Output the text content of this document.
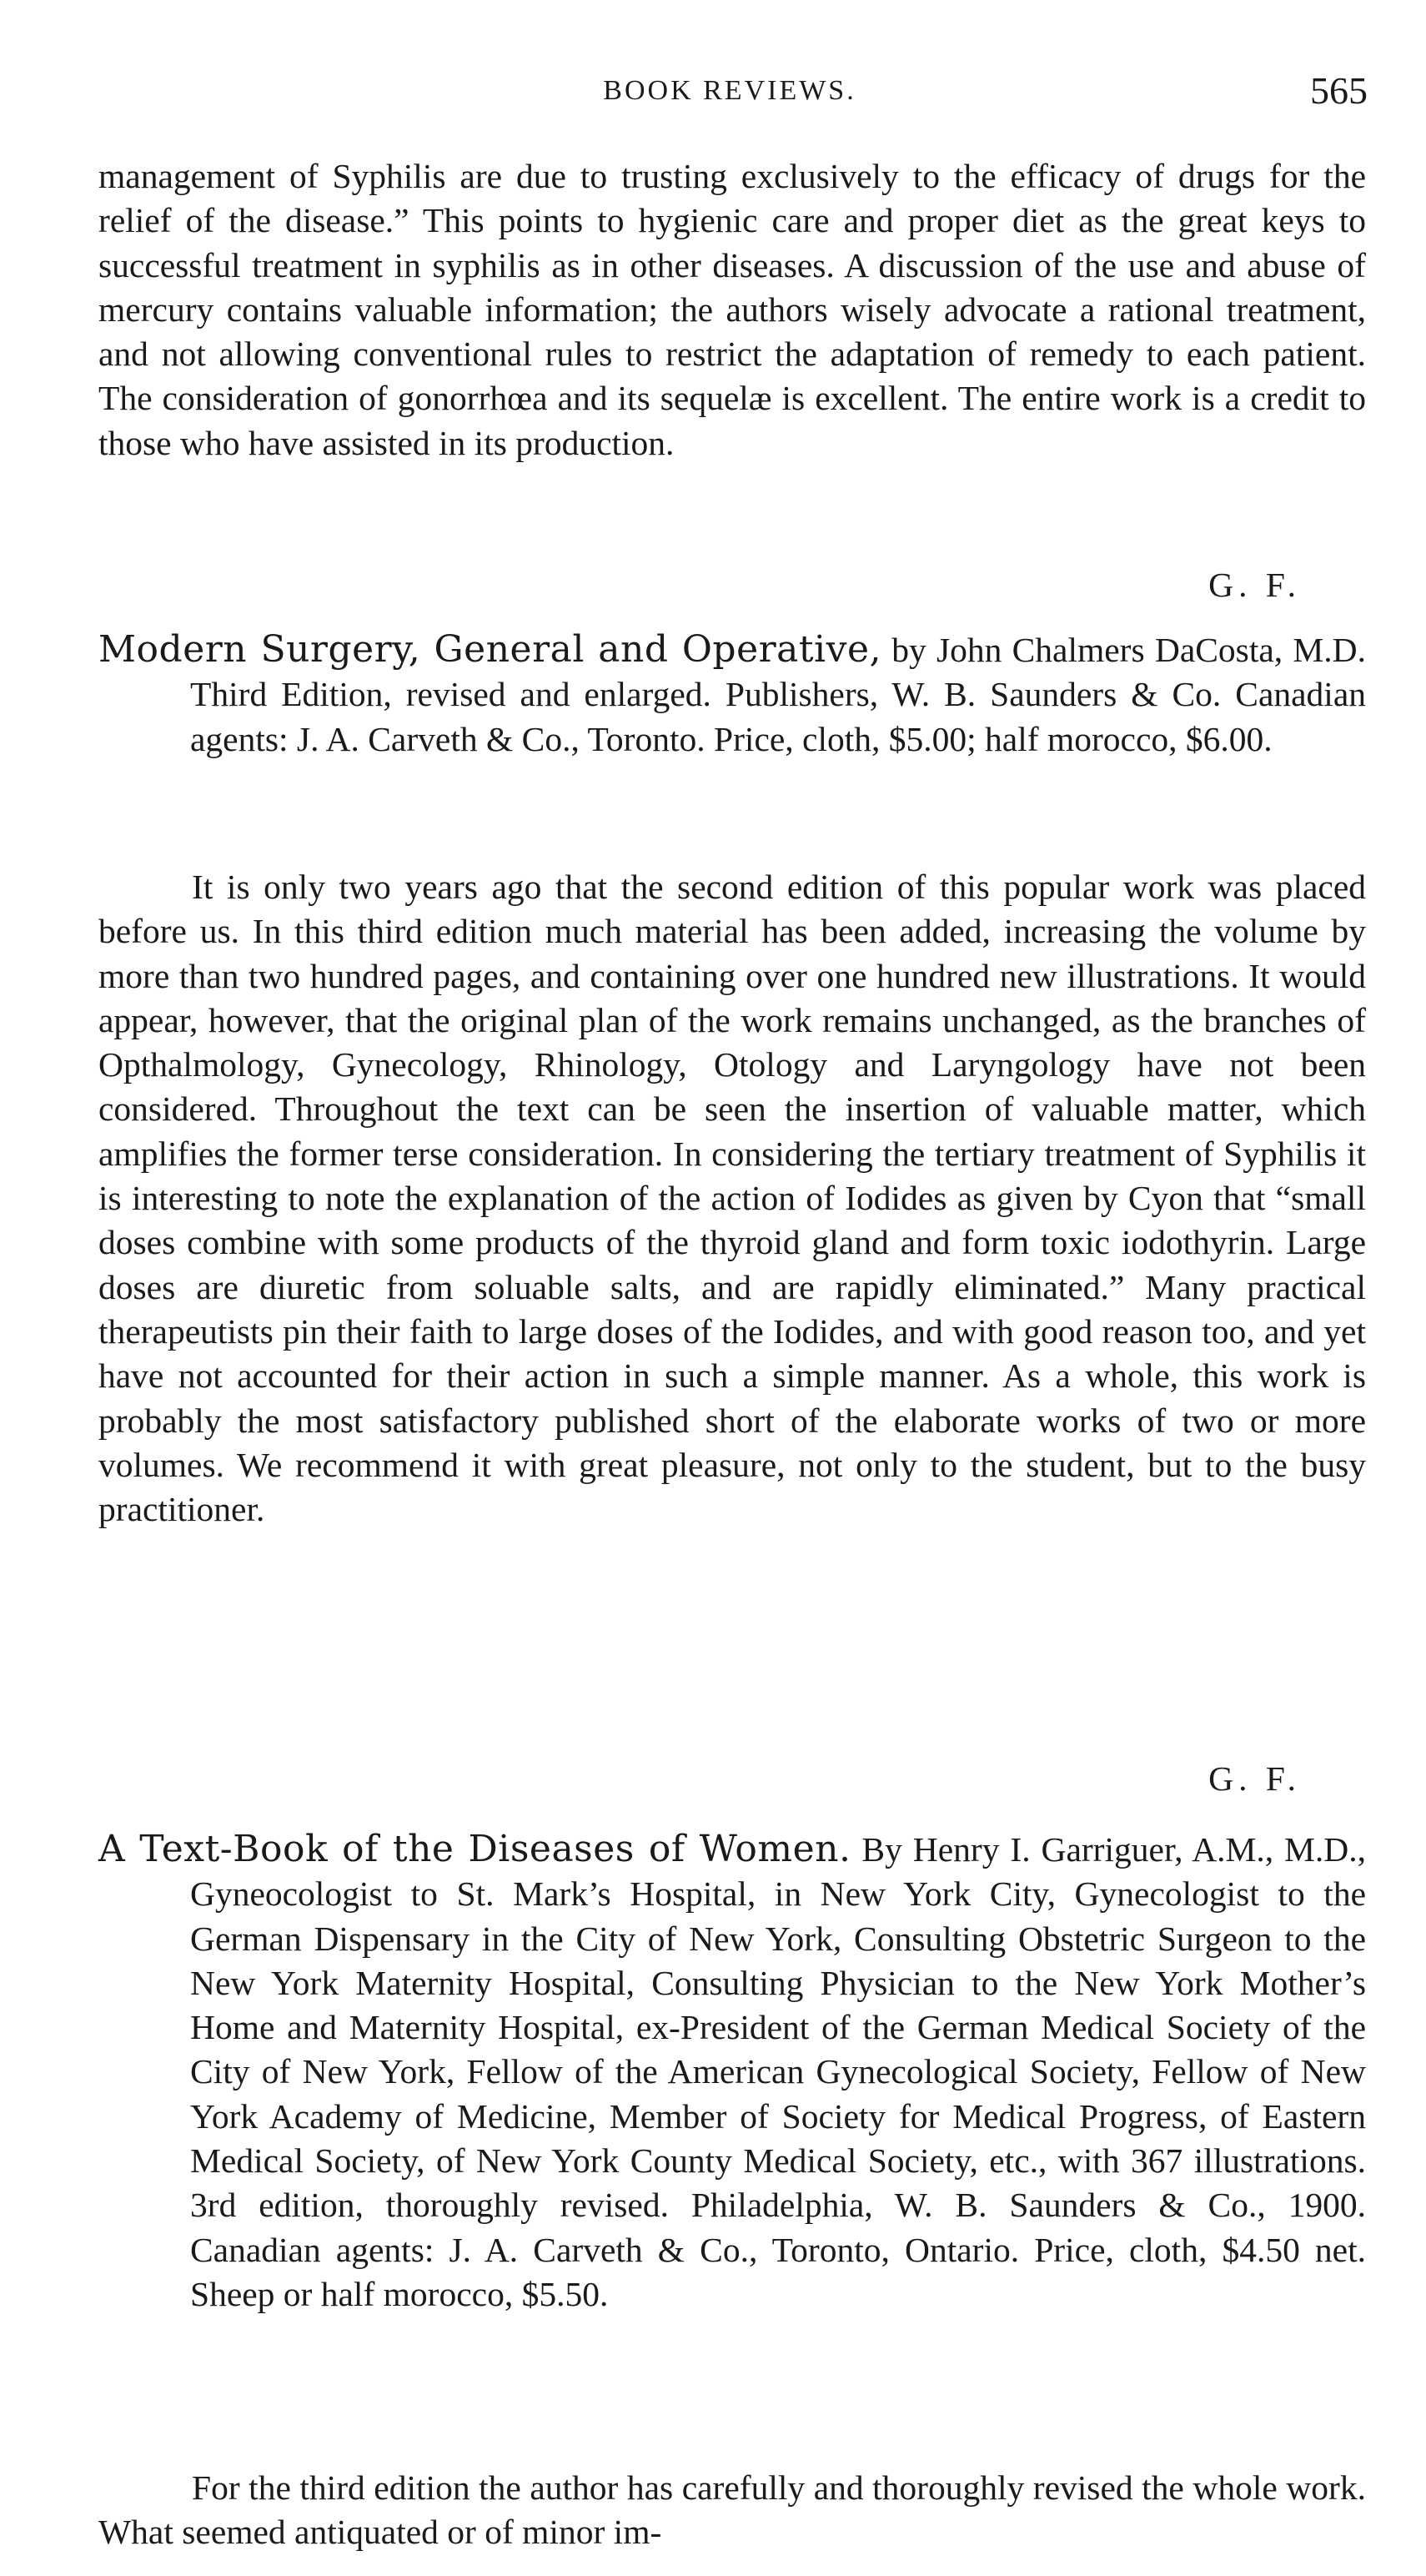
BOOK REVIEWS.	565

management of Syphilis are due to trusting exclusively to the efficacy of drugs for the relief of the disease.” This points to hygienic care and proper diet as the great keys to successful treatment in syphilis as in other diseases. A discussion of the use and abuse of mercury contains valuable information; the authors wisely advocate a rational treatment, and not allowing conventional rules to restrict the adaptation of remedy to each patient. The consideration of gonorrhœa and its sequelæ is excellent. The entire work is a credit to those who have assisted in its production.

G. F.
Modern Surgery, General and Operative, by John Chalmers DaCosta, M.D. Third Edition, revised and enlarged. Publishers, W. B. Saunders & Co. Canadian agents: J. A. Carveth & Co., Toronto. Price, cloth, $5.00; half morocco, $6.00.

It is only two years ago that the second edition of this popular work was placed before us. In this third edition much material has been added, increasing the volume by more than two hundred pages, and containing over one hundred new illustrations. It would appear, however, that the original plan of the work remains unchanged, as the branches of Opthalmology, Gynecology, Rhinology, Otology and Laryngology have not been considered. Throughout the text can be seen the insertion of valuable matter, which amplifies the former terse consideration. In considering the tertiary treatment of Syphilis it is interesting to note the explanation of the action of Iodides as given by Cyon that “small doses combine with some products of the thyroid gland and form toxic iodothyrin. Large doses are diuretic from soluable salts, and are rapidly eliminated.” Many practical therapeutists pin their faith to large doses of the Iodides, and with good reason too, and yet have not accounted for their action in such a simple manner. As a whole, this work is probably the most satisfactory published short of the elaborate works of two or more volumes. We recommend it with great pleasure, not only to the student, but to the busy practitioner.

G. F.
A Text-Book of the Diseases of Women. By Henry I. Garriguer, A.M., M.D., Gyneocologist to St. Mark’s Hospital, in New York City, Gynecologist to the German Dispensary in the City of New York, Consulting Obstetric Surgeon to the New York Maternity Hospital, Consulting Physician to the New York Mother’s Home and Maternity Hospital, ex-President of the German Medical Society of the City of New York, Fellow of the American Gynecological Society, Fellow of New York Academy of Medicine, Member of Society for Medical Progress, of Eastern Medical Society, of New York County Medical Society, etc., with 367 illustrations. 3rd edition, thoroughly revised. Philadelphia, W. B. Saunders & Co., 1900. Canadian agents: J. A. Carveth & Co., Toronto, Ontario. Price, cloth, $4.50 net. Sheep or half morocco, $5.50.

For the third edition the author has carefully and thoroughly revised the whole work. What seemed antiquated or of minor im-
